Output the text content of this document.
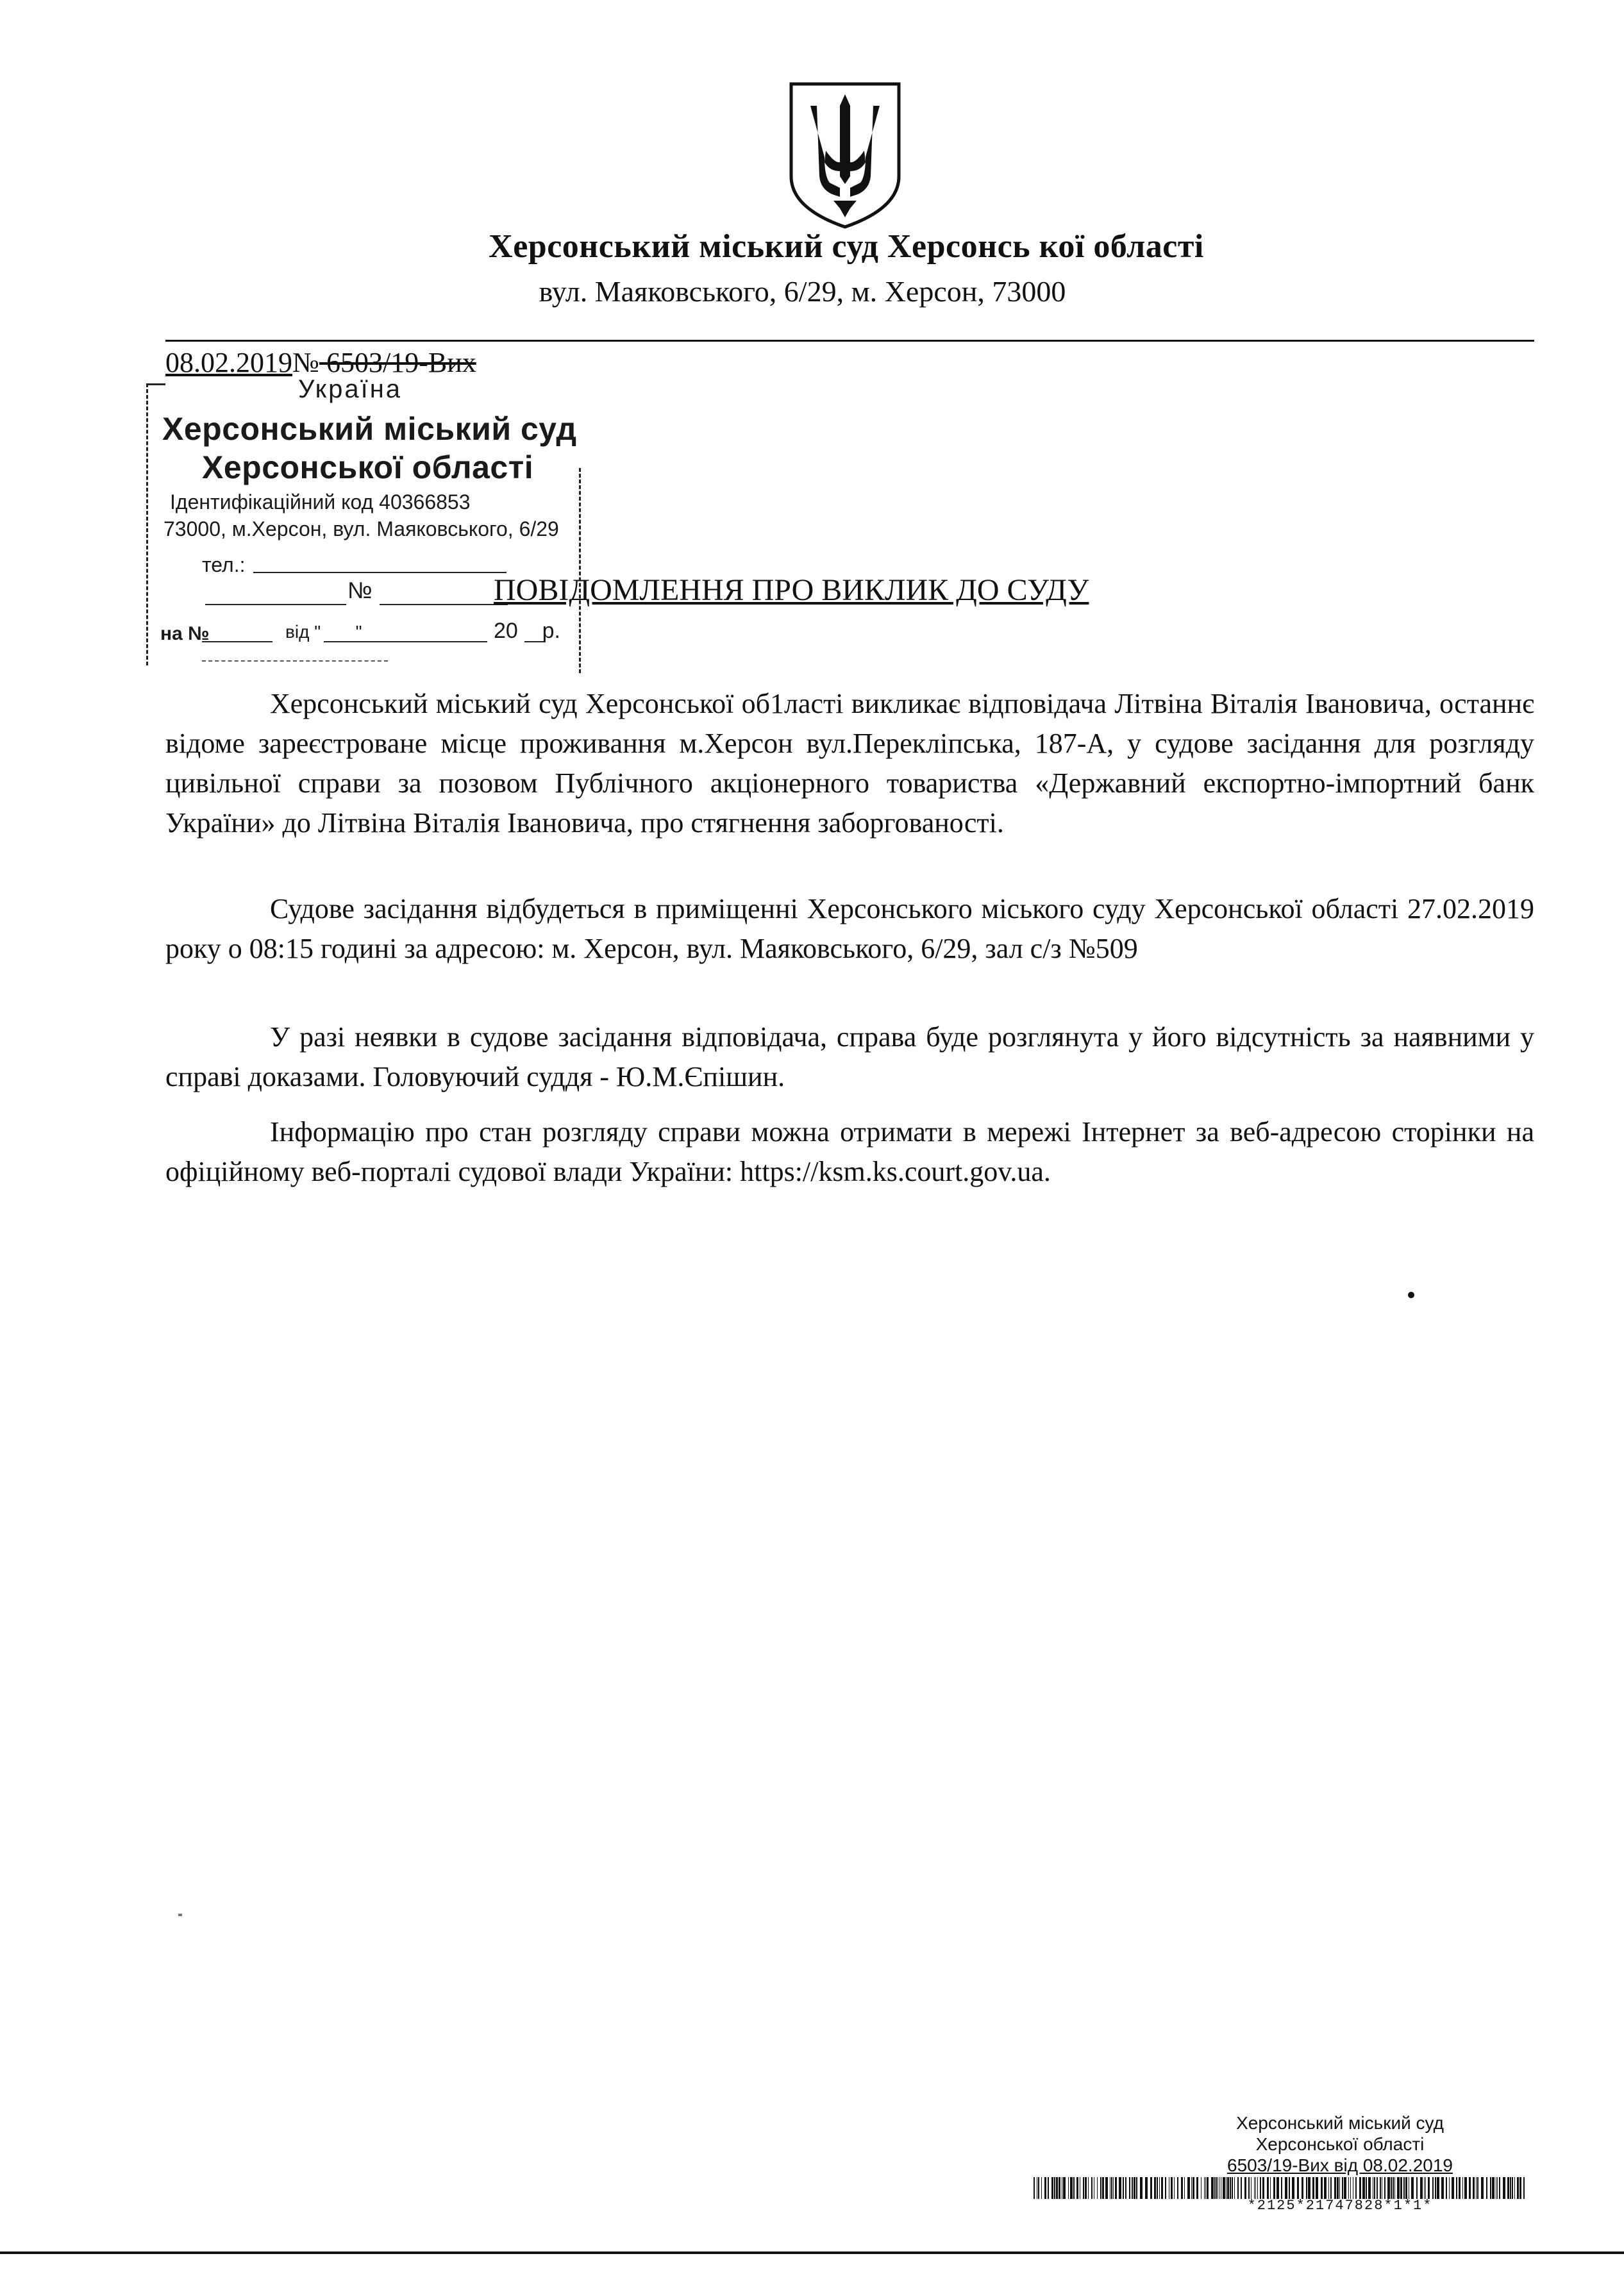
Херсонський міський суд Херсонсь кої області
вул. Маяковського, 6/29, м. Херсон, 73000
08.02.2019№ 6503/19-Вих
Україна
Херсонський міський суд
Херсонської області
Ідентифікаційний код 40366853
73000, м.Херсон, вул. Маяковського, 6/29
тел.:
№
на №	від " "	20 р.
ПОВІДОМЛЕННЯ ПРО ВИКЛИК ДО СУДУ
Херсонський міський суд Херсонської об1ласті викликає відповідача Літвіна Віталія Івановича, останнє відоме зареєстроване місце проживання м.Херсон вул.Перекліпська, 187-А, у судове засідання для розгляду цивільної справи за позовом Публічного акціонерного товариства «Державний експортно-імпортний банк України» до Літвіна Віталія Івановича, про стягнення заборгованості.
Судове засідання відбудеться в приміщенні Херсонського міського суду Херсонської області 27.02.2019 року о 08:15 годині за адресою: м. Херсон, вул. Маяковського, 6/29, зал с/з №509
У разі неявки в судове засідання відповідача, справа буде розглянута у його відсутність за наявними у справі доказами. Головуючий суддя - Ю.М.Єпішин.
Інформацію про стан розгляду справи можна отримати в мережі Інтернет за веб-адресою сторінки на офіційному веб-порталі судової влади України: https://ksm.ks.court.gov.ua.
Херсонський міський суд
Херсонської області
6503/19-Вих від 08.02.2019
*2125*21747828*1*1*
